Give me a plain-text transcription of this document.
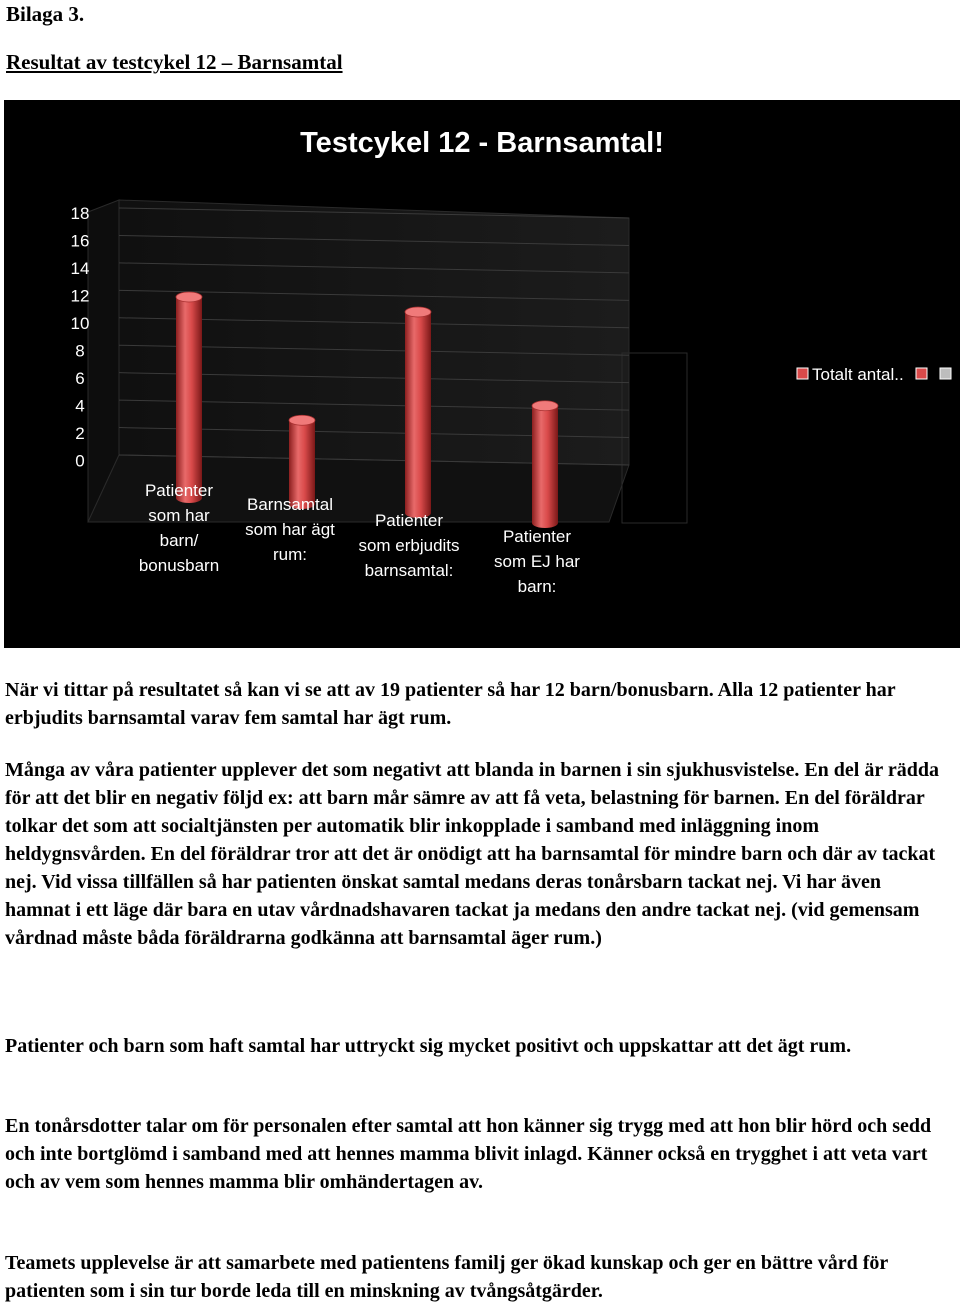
Bilaga 3.
Resultat av testcykel 12 – Barnsamtal
Testcykel 12 - Barnsamtal!
18
16
14
12
10
8
6
4
2
0
Patienter som har barn/ bonusbarn
Barnsamtal som har ägt rum:
Patienter som erbjudits barnsamtal:
Patienter som EJ har barn:
Totalt antal..

När vi tittar på resultatet så kan vi se att av 19 patienter så har 12 barn/bonusbarn. Alla 12 patienter har erbjudits barnsamtal varav fem samtal har ägt rum.

Många av våra patienter upplever det som negativt att blanda in barnen i sin sjukhusvistelse. En del är rädda för att det blir en negativ följd ex: att barn mår sämre av att få veta, belastning för barnen. En del föräldrar tolkar det som att socialtjänsten per automatik blir inkopplade i samband med inläggning inom heldygnsvården. En del föräldrar tror att det är onödigt att ha barnsamtal för mindre barn och där av tackat nej. Vid vissa tillfällen så har patienten önskat samtal medans deras tonårsbarn tackat nej. Vi har även hamnat i ett läge där bara en utav vårdnadshavaren tackat ja medans den andre tackat nej. (vid gemensam vårdnad måste båda föräldrarna godkänna att barnsamtal äger rum.)

Patienter och barn som haft samtal har uttryckt sig mycket positivt och uppskattar att det ägt rum.

En tonårsdotter talar om för personalen efter samtal att hon känner sig trygg med att hon blir hörd och sedd och inte bortglömd i samband med att hennes mamma blivit inlagd. Känner också en trygghet i att veta vart och av vem som hennes mamma blir omhändertagen av.

Teamets upplevelse är att samarbete med patientens familj ger ökad kunskap och ger en bättre vård för patienten som i sin tur borde leda till en minskning av tvångsåtgärder.
